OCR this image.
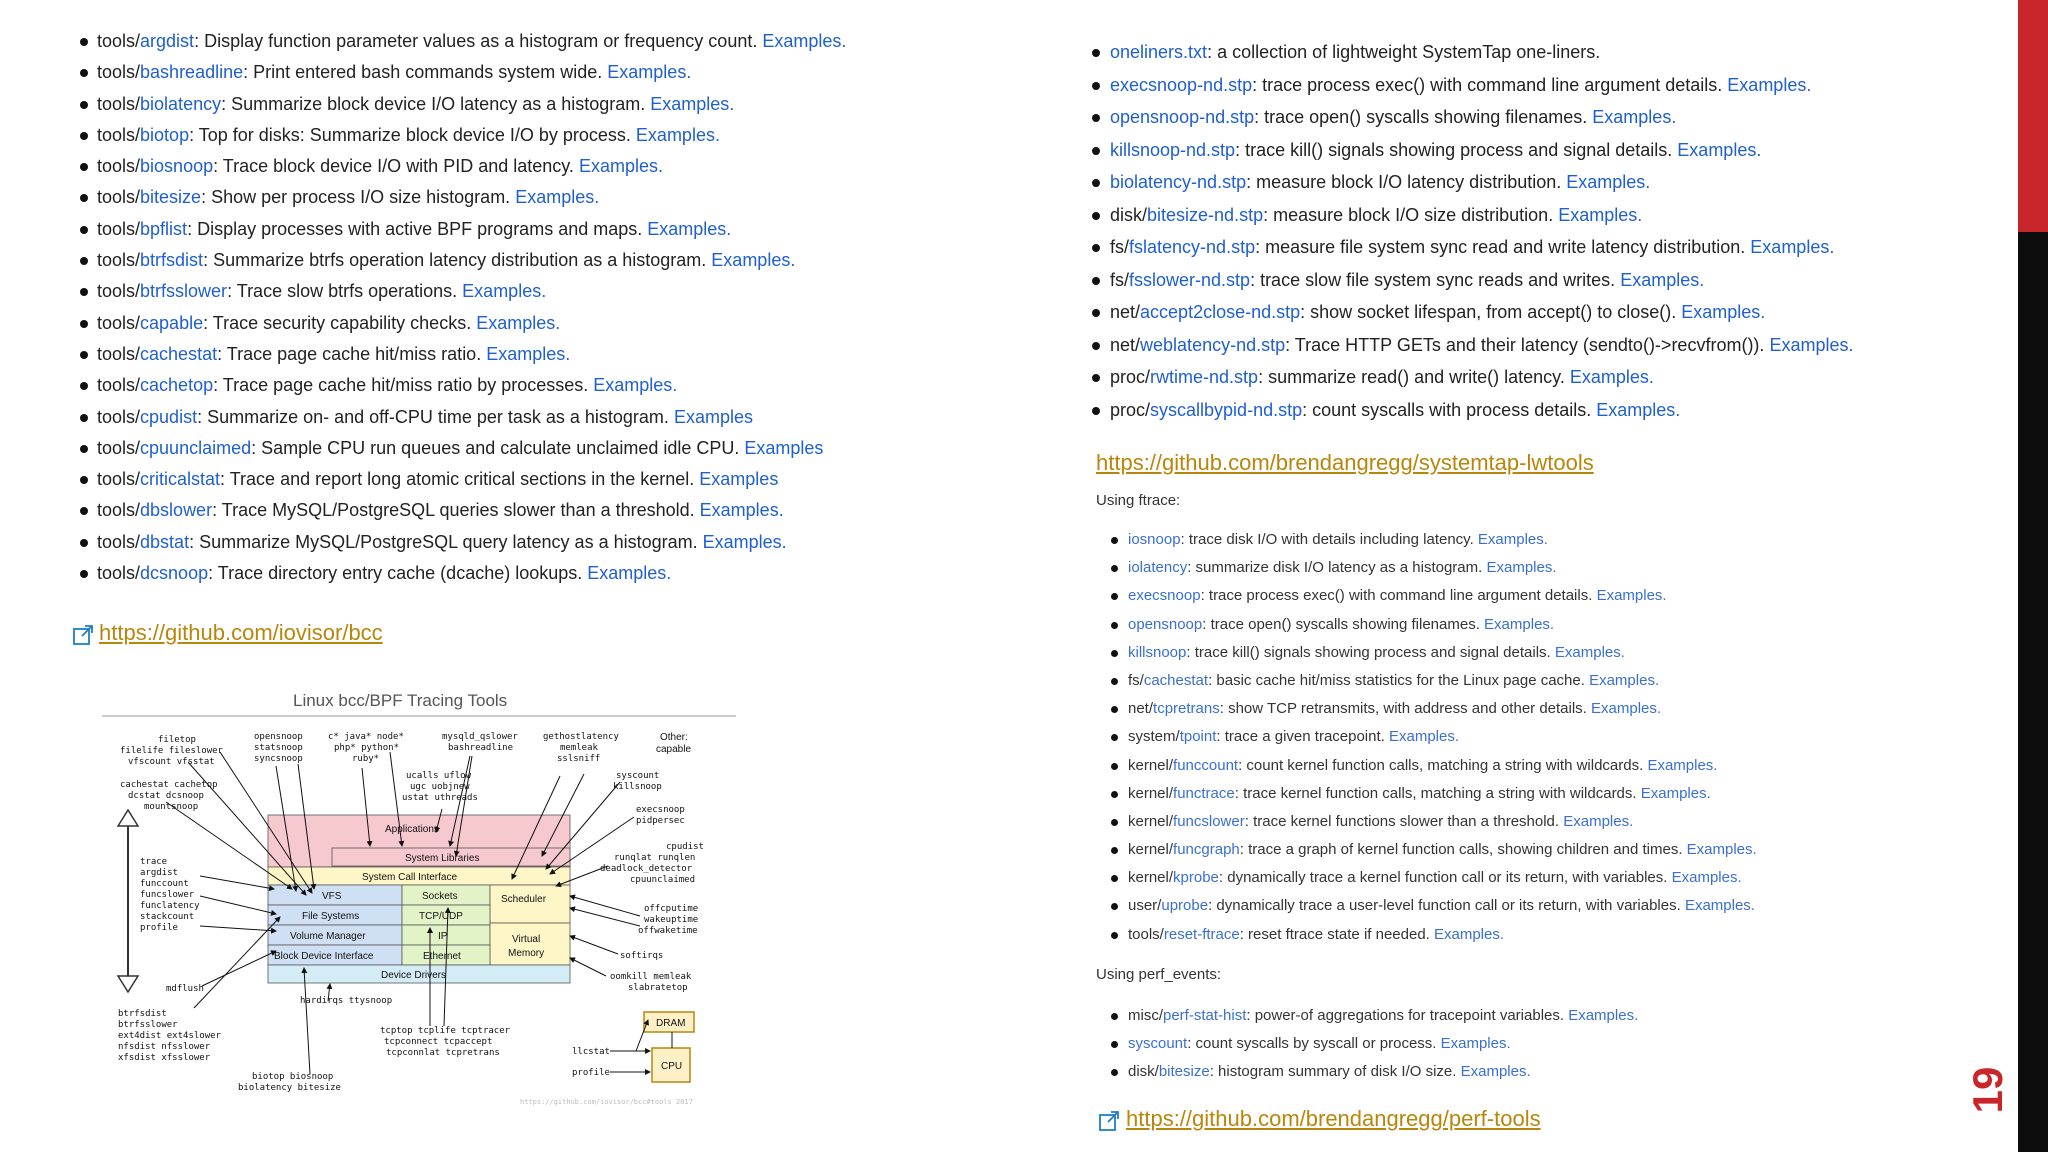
tools/argdist: Display function parameter values as a histogram or frequency count. Examples.
tools/bashreadline: Print entered bash commands system wide. Examples.
tools/biolatency: Summarize block device I/O latency as a histogram. Examples.
tools/biotop: Top for disks: Summarize block device I/O by process. Examples.
tools/biosnoop: Trace block device I/O with PID and latency. Examples.
tools/bitesize: Show per process I/O size histogram. Examples.
tools/bpflist: Display processes with active BPF programs and maps. Examples.
tools/btrfsdist: Summarize btrfs operation latency distribution as a histogram. Examples.
tools/btrfsslower: Trace slow btrfs operations. Examples.
tools/capable: Trace security capability checks. Examples.
tools/cachestat: Trace page cache hit/miss ratio. Examples.
tools/cachetop: Trace page cache hit/miss ratio by processes. Examples.
tools/cpudist: Summarize on- and off-CPU time per task as a histogram. Examples
tools/cpuunclaimed: Sample CPU run queues and calculate unclaimed idle CPU. Examples
tools/criticalstat: Trace and report long atomic critical sections in the kernel. Examples
tools/dbslower: Trace MySQL/PostgreSQL queries slower than a threshold. Examples.
tools/dbstat: Summarize MySQL/PostgreSQL query latency as a histogram. Examples.
tools/dcsnoop: Trace directory entry cache (dcache) lookups. Examples.
https://github.com/iovisor/bcc
Linux bcc/BPF Tracing Tools
Applications
System Libraries
System Call Interface
VFS	Sockets	Scheduler
File Systems	TCP/UDP
Volume Manager	IP	Virtual
Memory
Block Device Interface	Ethernet
Device Drivers
DRAM
CPU
filetop filelife fileslower vfscount vfsstat
opensnoop statsnoop syncsnoop
c* java* node* php* python* ruby*
mysqld_qslower bashreadline
gethostlatency memleak sslsniff
Other: capable
ucalls uflow ugc uobjnew ustat uthreads
cachestat cachetop dcstat dcsnoop mountsnoop
trace argdist funccount funcslower funclatency stackcount profile
mdflush
btrfsdist btrfsslower ext4dist ext4slower nfsdist nfsslower xfsdist xfsslower
syscount killsnoop
execsnoop pidpersec
cpudist runqlat runqlen deadlock_detector cpuunclaimed
offcputime wakeuptime offwaketime
softirqs
oomkill memleak slabratetop
hardirqs ttysnoop
tcptop tcplife tcptracer tcpconnect tcpaccept tcpconnlat tcpretrans
biotop biosnoop biolatency bitesize
llcstat
profile
https://github.com/iovisor/bcc#tools 2017
oneliners.txt: a collection of lightweight SystemTap one-liners.
execsnoop-nd.stp: trace process exec() with command line argument details. Examples.
opensnoop-nd.stp: trace open() syscalls showing filenames. Examples.
killsnoop-nd.stp: trace kill() signals showing process and signal details. Examples.
biolatency-nd.stp: measure block I/O latency distribution. Examples.
disk/bitesize-nd.stp: measure block I/O size distribution. Examples.
fs/fslatency-nd.stp: measure file system sync read and write latency distribution. Examples.
fs/fsslower-nd.stp: trace slow file system sync reads and writes. Examples.
net/accept2close-nd.stp: show socket lifespan, from accept() to close(). Examples.
net/weblatency-nd.stp: Trace HTTP GETs and their latency (sendto()->recvfrom()). Examples.
proc/rwtime-nd.stp: summarize read() and write() latency. Examples.
proc/syscallbypid-nd.stp: count syscalls with process details. Examples.
https://github.com/brendangregg/systemtap-lwtools
Using ftrace:
iosnoop: trace disk I/O with details including latency. Examples.
iolatency: summarize disk I/O latency as a histogram. Examples.
execsnoop: trace process exec() with command line argument details. Examples.
opensnoop: trace open() syscalls showing filenames. Examples.
killsnoop: trace kill() signals showing process and signal details. Examples.
fs/cachestat: basic cache hit/miss statistics for the Linux page cache. Examples.
net/tcpretrans: show TCP retransmits, with address and other details. Examples.
system/tpoint: trace a given tracepoint. Examples.
kernel/funccount: count kernel function calls, matching a string with wildcards. Examples.
kernel/functrace: trace kernel function calls, matching a string with wildcards. Examples.
kernel/funcslower: trace kernel functions slower than a threshold. Examples.
kernel/funcgraph: trace a graph of kernel function calls, showing children and times. Examples.
kernel/kprobe: dynamically trace a kernel function call or its return, with variables. Examples.
user/uprobe: dynamically trace a user-level function call or its return, with variables. Examples.
tools/reset-ftrace: reset ftrace state if needed. Examples.
Using perf_events:
misc/perf-stat-hist: power-of aggregations for tracepoint variables. Examples.
syscount: count syscalls by syscall or process. Examples.
disk/bitesize: histogram summary of disk I/O size. Examples.
https://github.com/brendangregg/perf-tools
19
